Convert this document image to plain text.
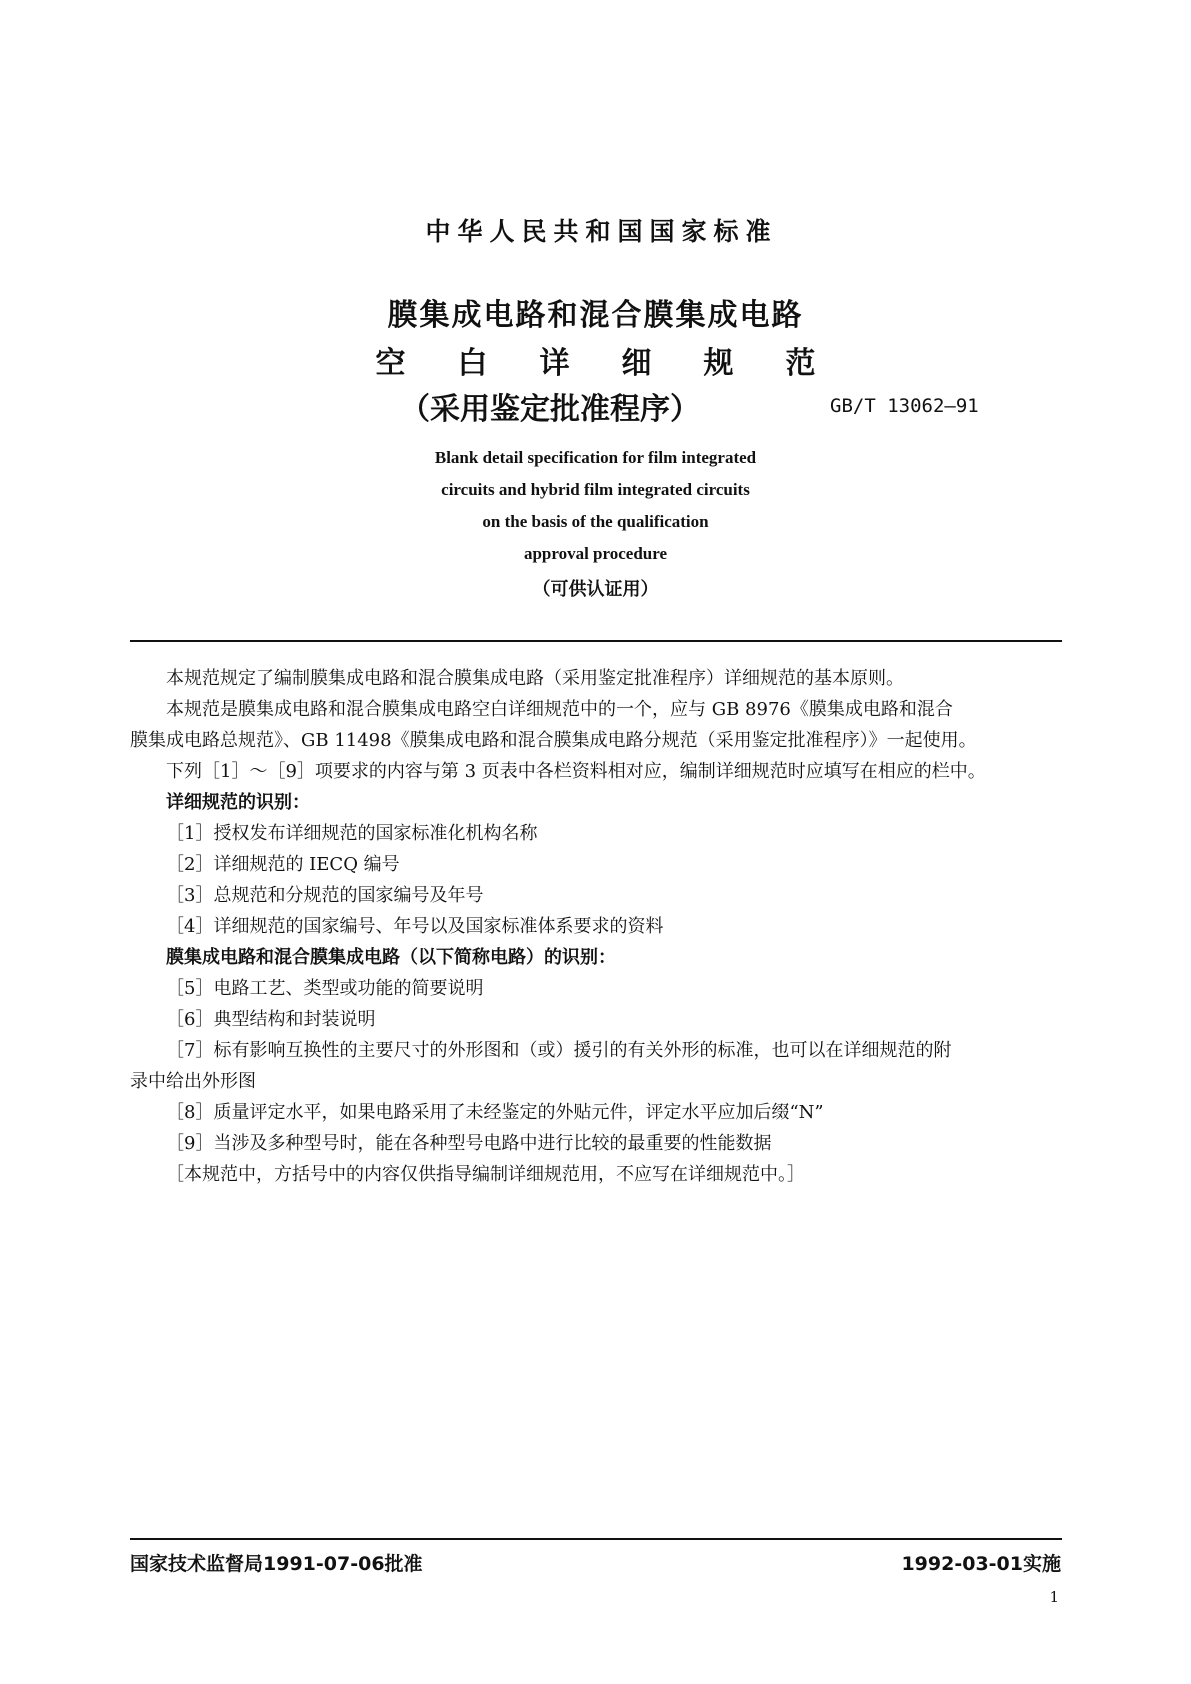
中华人民共和国国家标准
膜集成电路和混合膜集成电路
空 白 详 细 规 范
（采用鉴定批准程序）	GB/T 13062—91
Blank detail specification for film integrated
circuits and hybrid film integrated circuits
on the basis of the qualification
approval procedure
（可供认证用）
本规范规定了编制膜集成电路和混合膜集成电路（采用鉴定批准程序）详细规范的基本原则。
本规范是膜集成电路和混合膜集成电路空白详细规范中的一个，应与 GB 8976《膜集成电路和混合
膜集成电路总规范》、GB 11498《膜集成电路和混合膜集成电路分规范（采用鉴定批准程序）》一起使用。
下列［1］～［9］项要求的内容与第 3 页表中各栏资料相对应，编制详细规范时应填写在相应的栏中。
详细规范的识别：
［1］授权发布详细规范的国家标准化机构名称
［2］详细规范的 IECQ 编号
［3］总规范和分规范的国家编号及年号
［4］详细规范的国家编号、年号以及国家标准体系要求的资料
膜集成电路和混合膜集成电路（以下简称电路）的识别：
［5］电路工艺、类型或功能的简要说明
［6］典型结构和封装说明
［7］标有影响互换性的主要尺寸的外形图和（或）援引的有关外形的标准，也可以在详细规范的附
录中给出外形图
［8］质量评定水平，如果电路采用了未经鉴定的外贴元件，评定水平应加后缀“N”
［9］当涉及多种型号时，能在各种型号电路中进行比较的最重要的性能数据
［本规范中，方括号中的内容仅供指导编制详细规范用，不应写在详细规范中。］
国家技术监督局1991-07-06批准	1992-03-01实施
1
